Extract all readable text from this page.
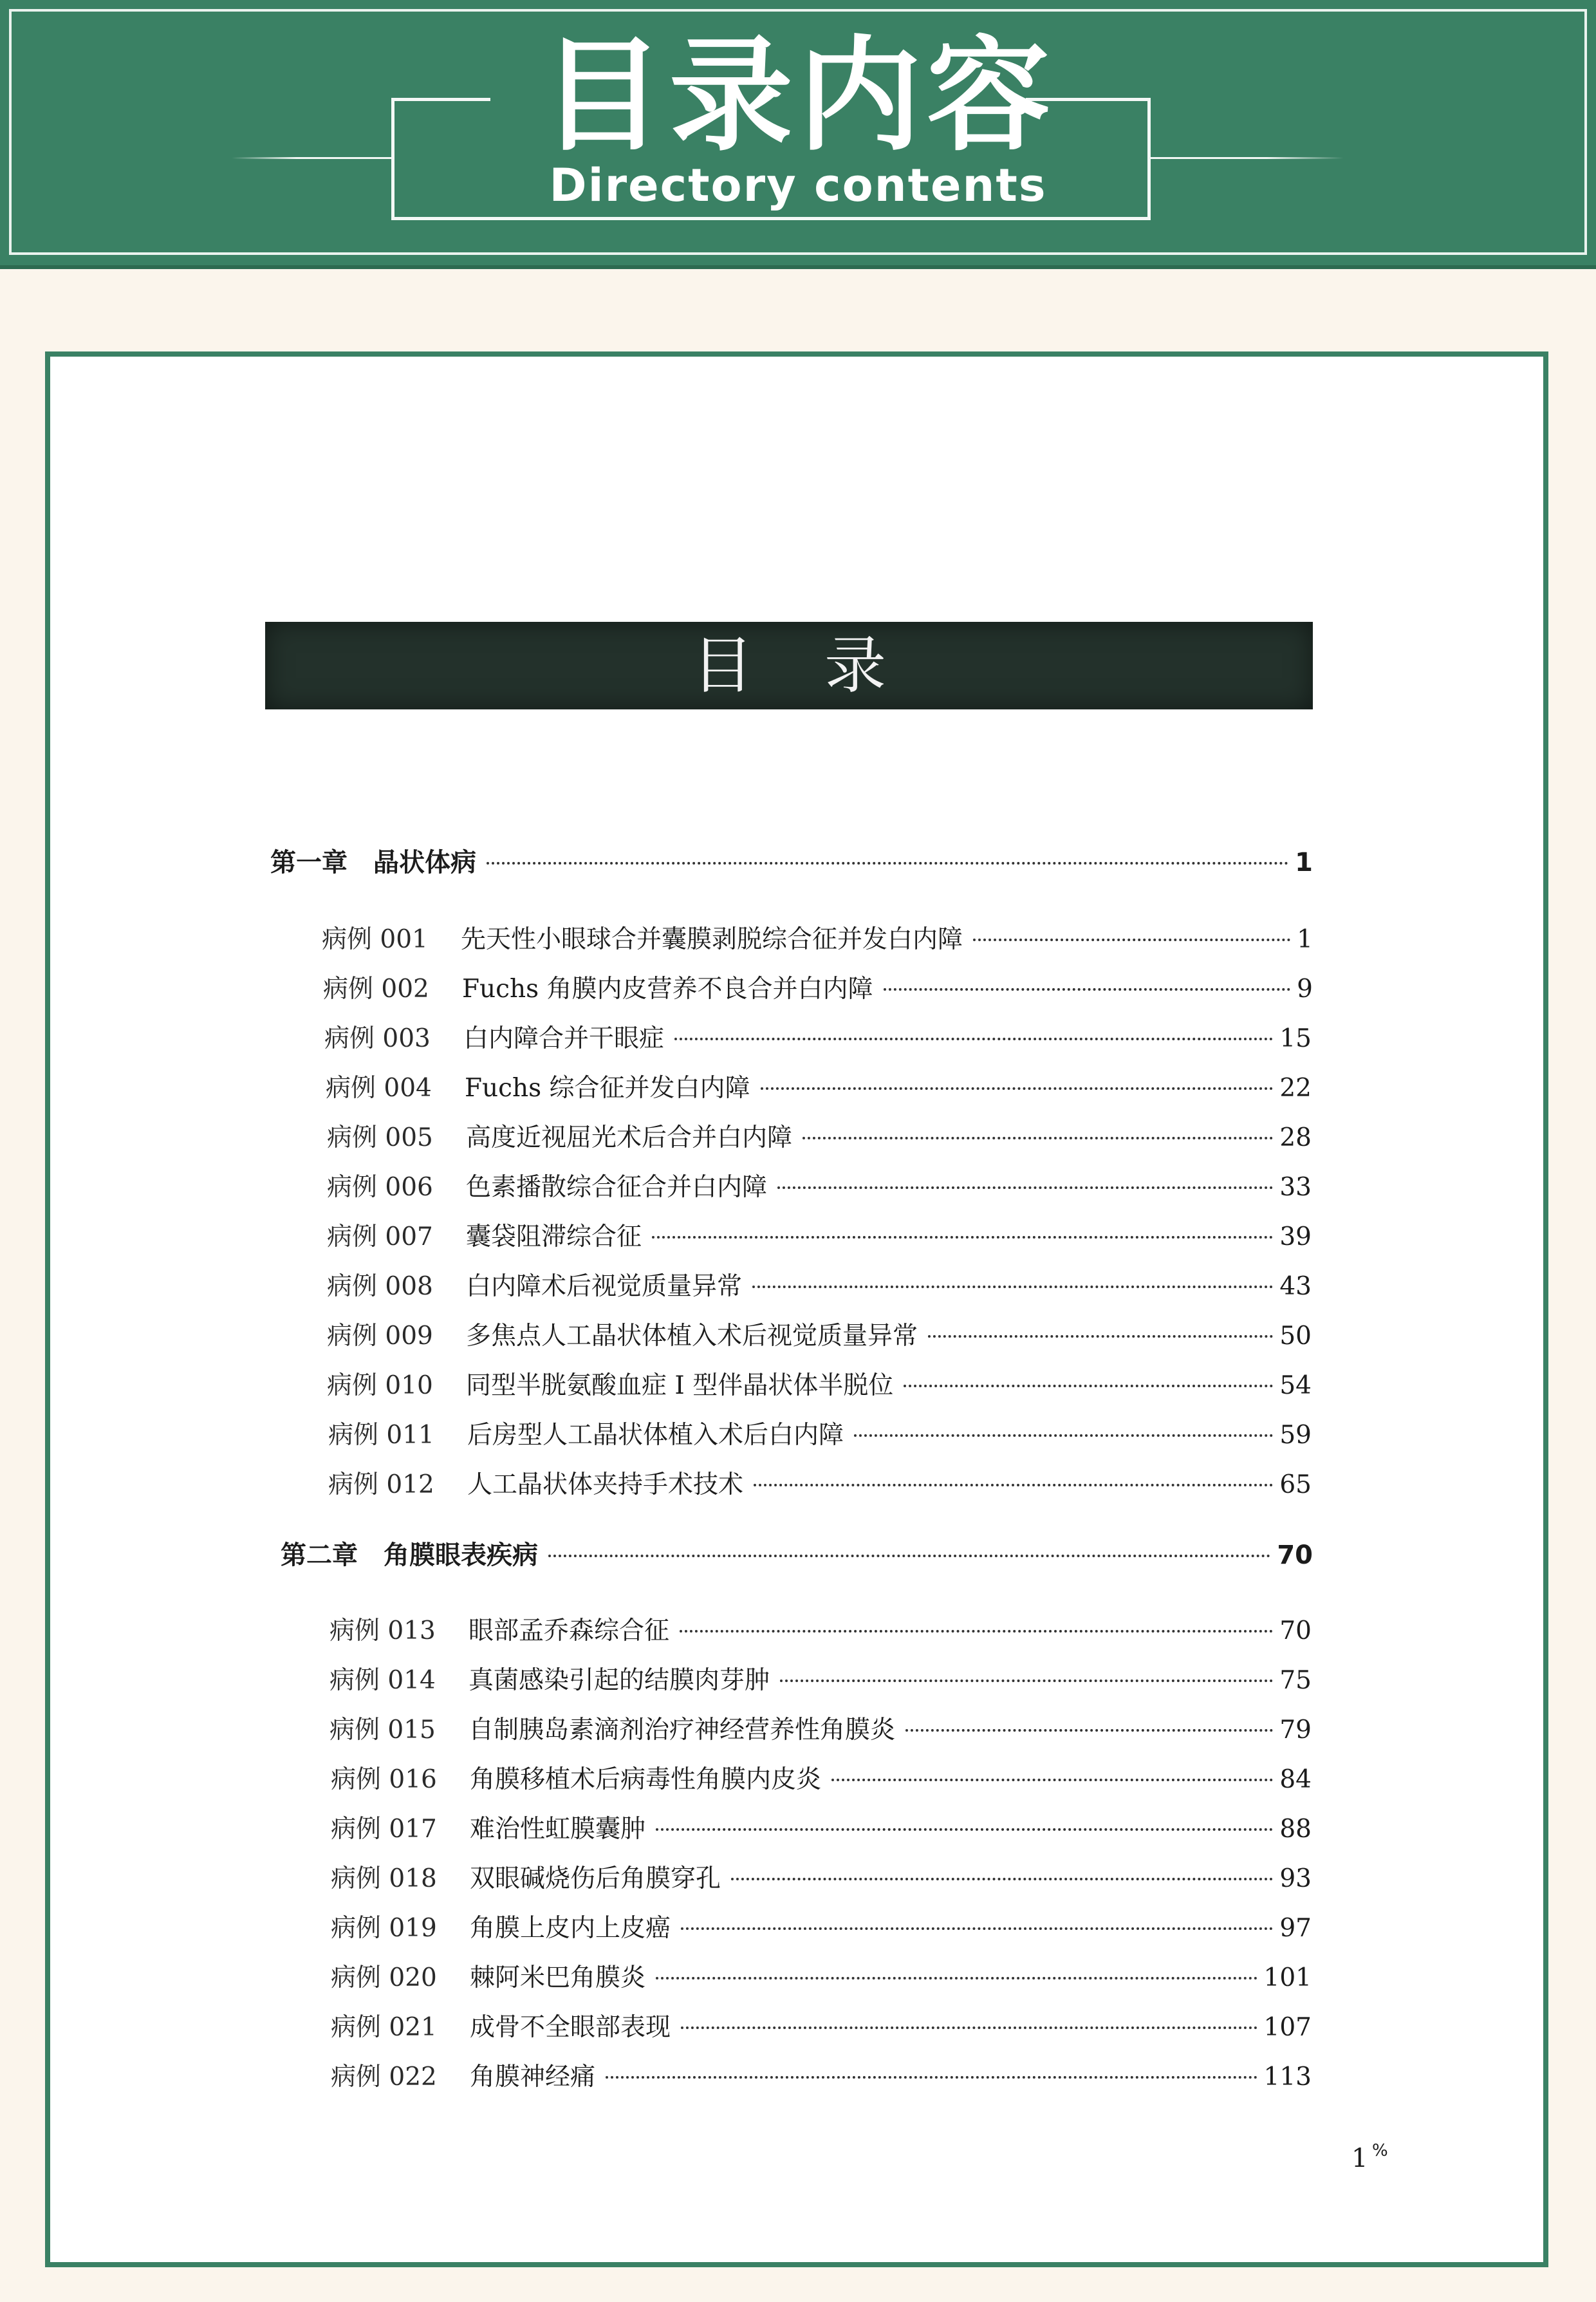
目录内容
Directory contents
目录
第一章 晶状体病	1
病例 001	先天性小眼球合并囊膜剥脱综合征并发白内障	1
病例 002	Fuchs 角膜内皮营养不良合并白内障	9
病例 003	白内障合并干眼症	15
病例 004	Fuchs 综合征并发白内障	22
病例 005	高度近视屈光术后合并白内障	28
病例 006	色素播散综合征合并白内障	33
病例 007	囊袋阻滞综合征	39
病例 008	白内障术后视觉质量异常	43
病例 009	多焦点人工晶状体植入术后视觉质量异常	50
病例 010	同型半胱氨酸血症 I 型伴晶状体半脱位	54
病例 011	后房型人工晶状体植入术后白内障	59
病例 012	人工晶状体夹持手术技术	65
第二章 角膜眼表疾病	70
病例 013	眼部孟乔森综合征	70
病例 014	真菌感染引起的结膜肉芽肿	75
病例 015	自制胰岛素滴剂治疗神经营养性角膜炎	79
病例 016	角膜移植术后病毒性角膜内皮炎	84
病例 017	难治性虹膜囊肿	88
病例 018	双眼碱烧伤后角膜穿孔	93
病例 019	角膜上皮内上皮癌	97
病例 020	棘阿米巴角膜炎	101
病例 021	成骨不全眼部表现	107
病例 022	角膜神经痛	113
1 %
